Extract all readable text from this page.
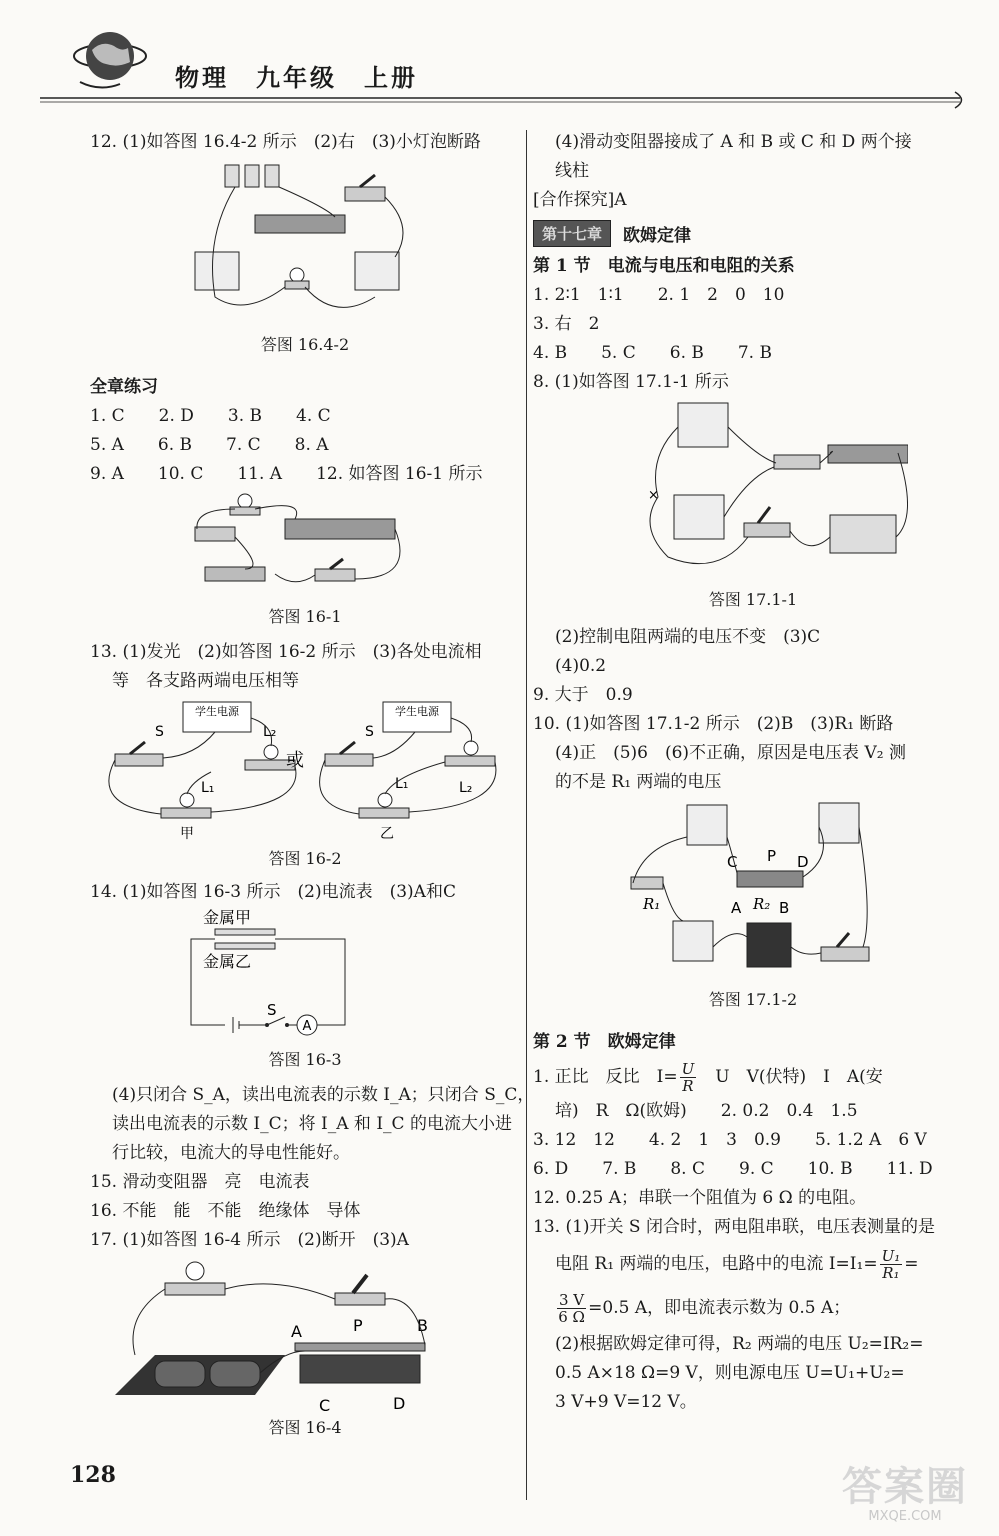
物理　九年级　上册
12. (1)如答图 16.4-2 所示　(2)右　(3)小灯泡断路
答图 16.4-2
全章练习
1. C　　2. D　　3. B　　4. C
5. A　　6. B　　7. C　　8. A
9. A　　10. C　　11. A　　12. 如答图 16-1 所示
答图 16-1
13. (1)发光　(2)如答图 16-2 所示　(3)各处电流相
等　各支路两端电压相等
学生电源
S	L₂
L₁
甲
或
学生电源
S
L₂
L₁
乙
答图 16-2
14. (1)如答图 16-3 所示　(2)电流表　(3)A和C
金属甲
金属乙
S
A
答图 16-3
(4)只闭合 S_A，读出电流表的示数 I_A；只闭合 S_C，
读出电流表的示数 I_C；将 I_A 和 I_C 的电流大小进
行比较，电流大的导电性能好。
15. 滑动变阻器　亮　电流表
16. 不能　能　不能　绝缘体　导体
17. (1)如答图 16-4 所示　(2)断开　(3)A
A	P	B
C	D
答图 16-4
(4)滑动变阻器接成了 A 和 B 或 C 和 D 两个接
线柱
[合作探究]A
第十七章	欧姆定律
第 1 节　电流与电压和电阻的关系
1. 2∶1　1∶1　　2. 1　2　0　10
3. 右　2
4. B　　5. C　　6. B　　7. B
8. (1)如答图 17.1-1 所示
×
答图 17.1-1
(2)控制电阻两端的电压不变　(3)C
(4)0.2
9. 大于　0.9
10. (1)如答图 17.1-2 所示　(2)B　(3)R₁ 断路
(4)正　(5)6　(6)不正确，原因是电压表 V₂ 测
的不是 R₁ 两端的电压
C P D
A R₂ B
R₁
答图 17.1-2
第 2 节　欧姆定律
1. 正比　反比　$I= \frac{U}{R}$ 　U　V(伏特)　I　A(安
培)　R　Ω(欧姆)　　2. 0.2　0.4　1.5
3. 12　12　　4. 2　1　3　0.9　　5. 1.2 A　6 V
6. D　　7. B　　8. C　　9. C　　10. B　　11. D
12. 0.25 A；串联一个阻值为 6 Ω 的电阻。
13. (1)开关 S 闭合时，两电阻串联，电压表测量的是
电阻 R₁ 两端的电压，电路中的电流 $I=I_1= \frac{\text{U₁}}{\text{R₁}}$ =
$\frac{3 V}{6 \Omega} =0.5$ A，即电流表示数为 0.5 A；
(2)根据欧姆定律可得，R₂ 两端的电压 U₂=IR₂=
0.5 A×18 Ω=9 V，则电源电压 U=U₁+U₂=
3 V+9 V=12 V。
128	答案圈
MXQE.COM
